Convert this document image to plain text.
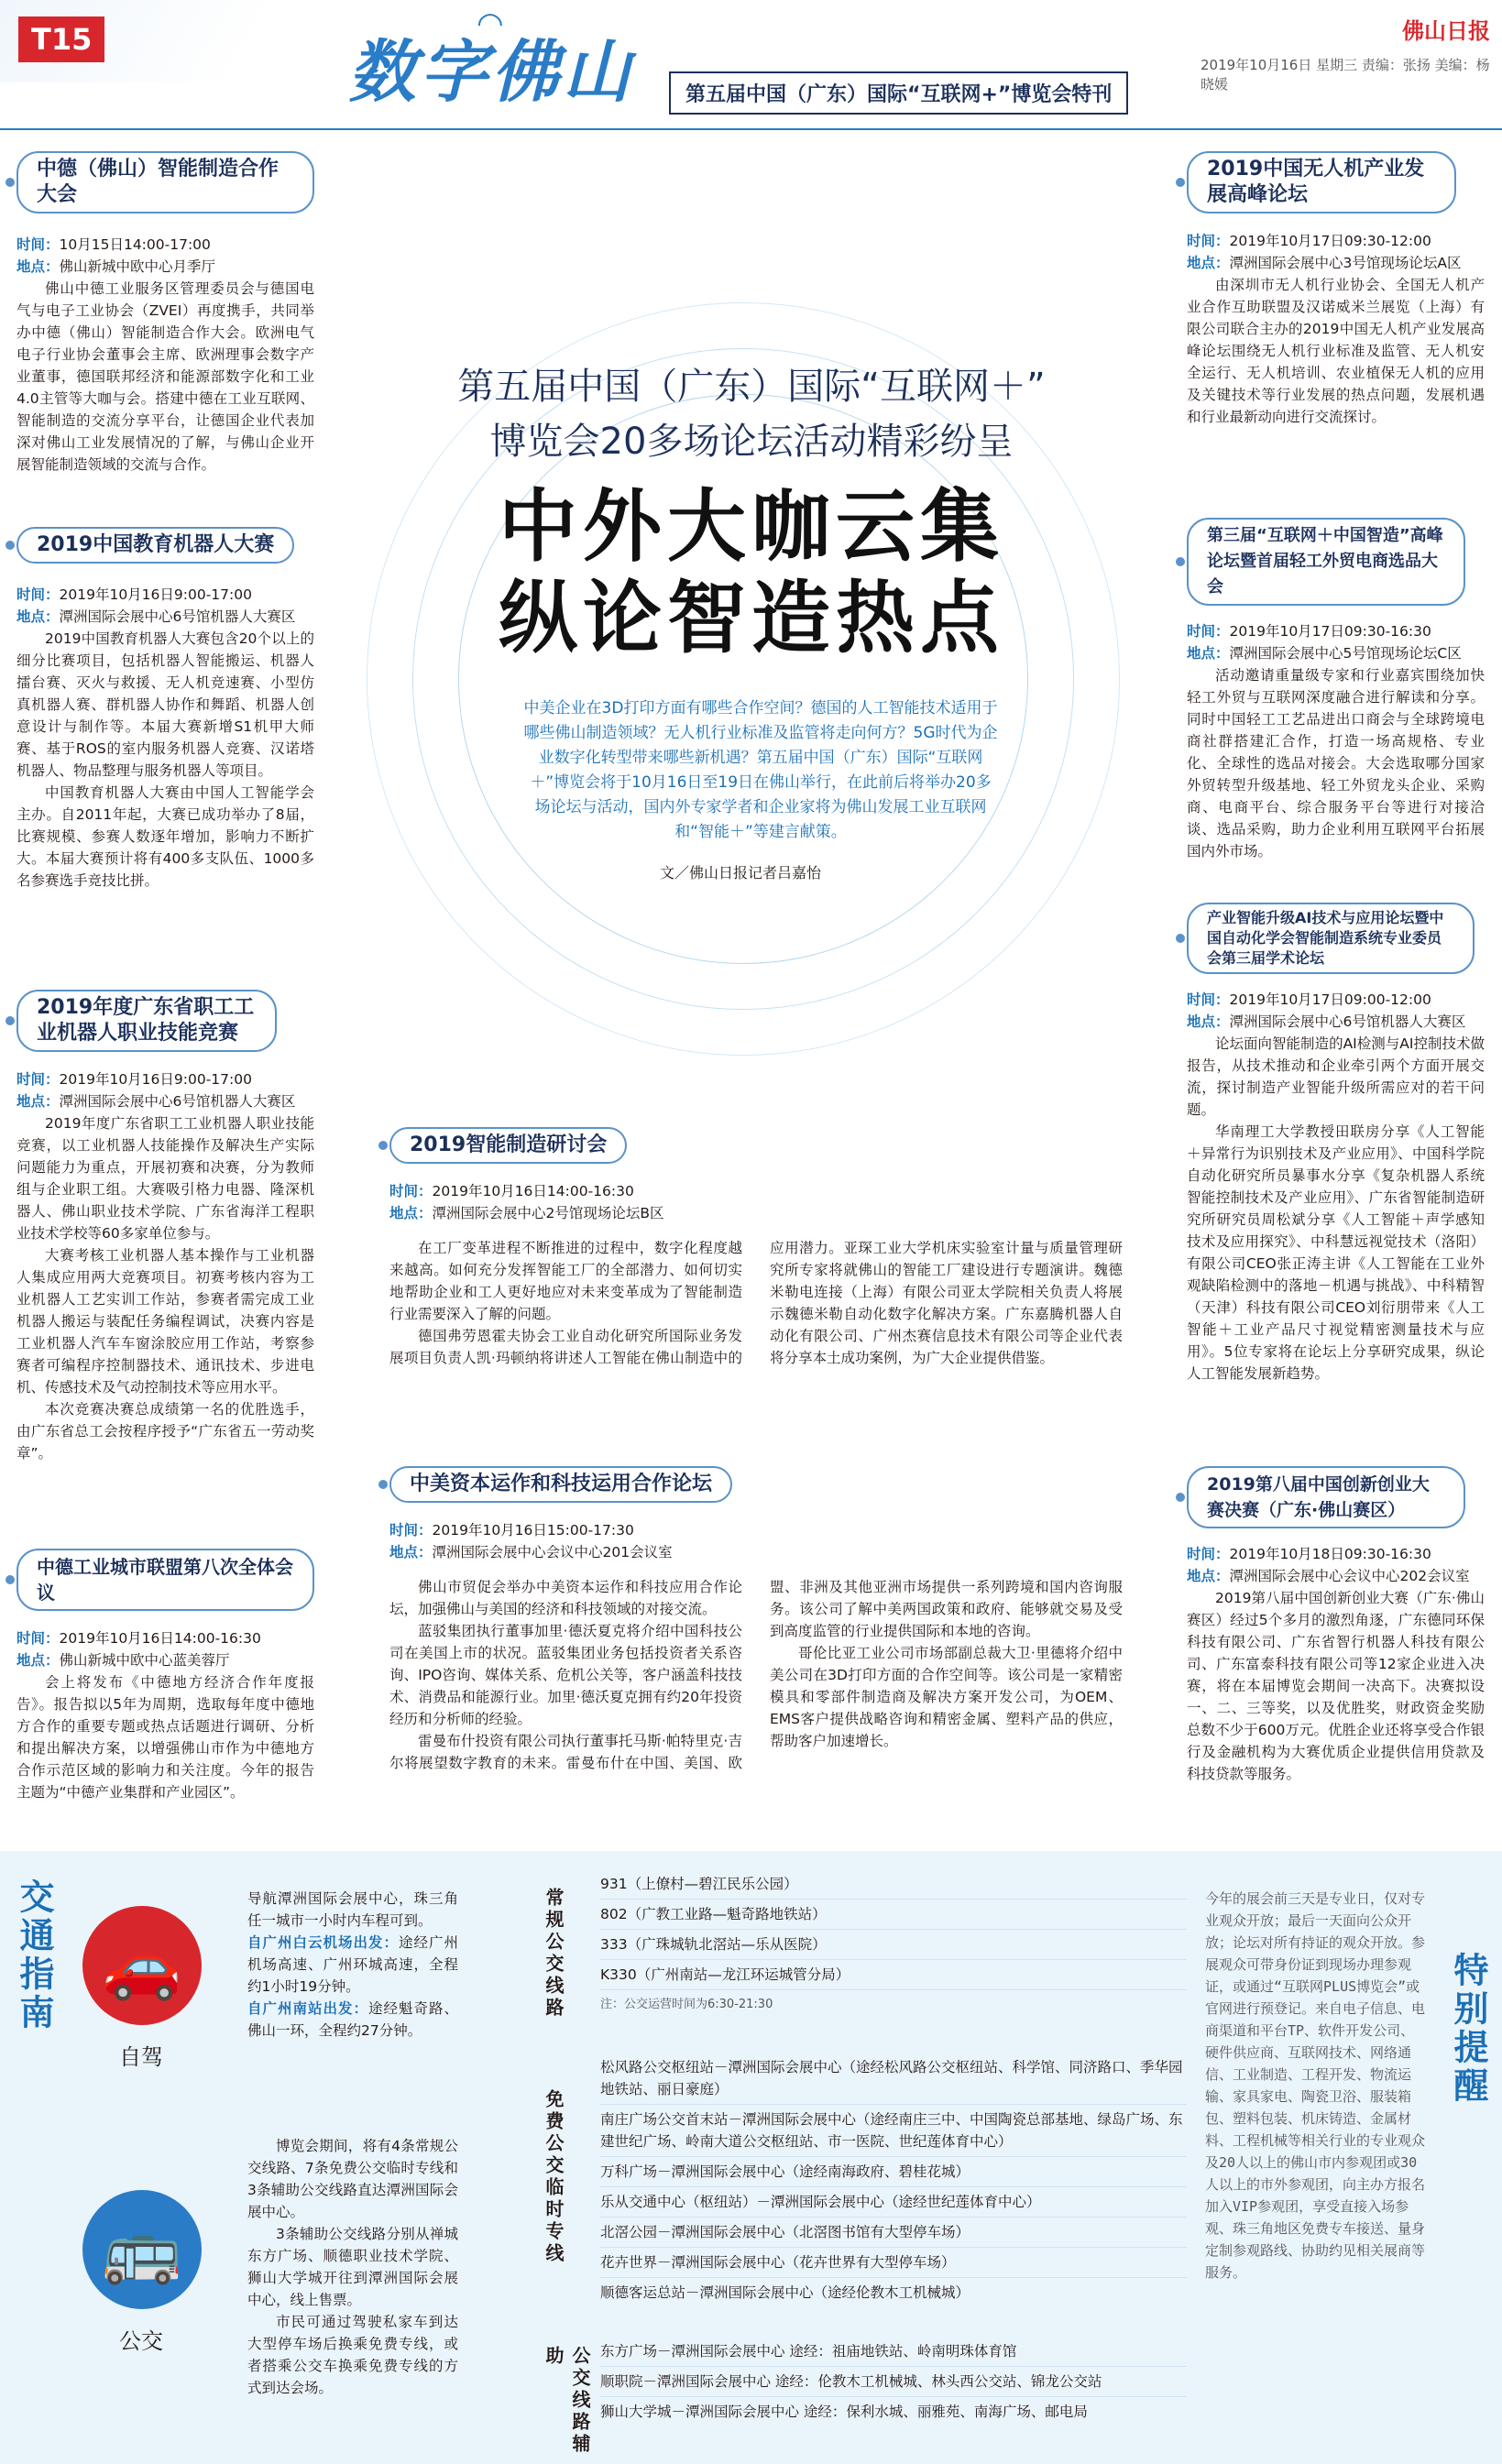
T15	数字佛山
◠
第五届中国（广东）国际“互联网+”博览会特刊
佛山日报
2019年10月16日 星期三 责编：张扬 美编：杨晓媛
第五届中国（广东）国际“互联网＋”
博览会20多场论坛活动精彩纷呈
中外大咖云集
纵论智造热点
中美企业在3D打印方面有哪些合作空间？德国的人工智能技术适用于哪些佛山制造领域？无人机行业标准及监管将走向何方？5G时代为企业数字化转型带来哪些新机遇？第五届中国（广东）国际“互联网＋”博览会将于10月16日至19日在佛山举行，在此前后将举办20多场论坛与活动，国内外专家学者和企业家将为佛山发展工业互联网和“智能＋”等建言献策。
文／佛山日报记者吕嘉怡
中德（佛山）智能制造合作大会
时间：10月15日14:00-17:00
地点：佛山新城中欧中心月季厅

佛山中德工业服务区管理委员会与德国电气与电子工业协会（ZVEI）再度携手，共同举办中德（佛山）智能制造合作大会。欧洲电气电子行业协会董事会主席、欧洲理事会数字产业董事，德国联邦经济和能源部数字化和工业4.0主管等大咖与会。搭建中德在工业互联网、智能制造的交流分享平台，让德国企业代表加深对佛山工业发展情况的了解，与佛山企业开展智能制造领域的交流与合作。

2019中国教育机器人大赛
时间：2019年10月16日9:00-17:00
地点：潭洲国际会展中心6号馆机器人大赛区

2019中国教育机器人大赛包含20个以上的细分比赛项目，包括机器人智能搬运、机器人擂台赛、灭火与救援、无人机竞速赛、小型仿真机器人赛、群机器人协作和舞蹈、机器人创意设计与制作等。本届大赛新增S1机甲大师赛、基于ROS的室内服务机器人竞赛、汉诺塔机器人、物品整理与服务机器人等项目。

中国教育机器人大赛由中国人工智能学会主办。自2011年起，大赛已成功举办了8届，比赛规模、参赛人数逐年增加，影响力不断扩大。本届大赛预计将有400多支队伍、1000多名参赛选手竞技比拼。

2019年度广东省职工工业机器人职业技能竞赛
时间：2019年10月16日9:00-17:00
地点：潭洲国际会展中心6号馆机器人大赛区

2019年度广东省职工工业机器人职业技能竞赛，以工业机器人技能操作及解决生产实际问题能力为重点，开展初赛和决赛，分为教师组与企业职工组。大赛吸引格力电器、隆深机器人、佛山职业技术学院、广东省海洋工程职业技术学校等60多家单位参与。

大赛考核工业机器人基本操作与工业机器人集成应用两大竞赛项目。初赛考核内容为工业机器人工艺实训工作站，参赛者需完成工业机器人搬运与装配任务编程调试，决赛内容是工业机器人汽车车窗涂胶应用工作站，考察参赛者可编程序控制器技术、通讯技术、步进电机、传感技术及气动控制技术等应用水平。

本次竞赛决赛总成绩第一名的优胜选手，由广东省总工会按程序授予“广东省五一劳动奖章”。

中德工业城市联盟第八次全体会议
时间：2019年10月16日14:00-16:30
地点：佛山新城中欧中心蓝美蓉厅

会上将发布《中德地方经济合作年度报告》。报告拟以5年为周期，选取每年度中德地方合作的重要专题或热点话题进行调研、分析和提出解决方案，以增强佛山市作为中德地方合作示范区域的影响力和关注度。今年的报告主题为“中德产业集群和产业园区”。

2019智能制造研讨会
时间：2019年10月16日14:00-16:30
地点：潭洲国际会展中心2号馆现场论坛B区

在工厂变革进程不断推进的过程中，数字化程度越来越高。如何充分发挥智能工厂的全部潜力、如何切实地帮助企业和工人更好地应对未来变革成为了智能制造行业需要深入了解的问题。

德国弗劳恩霍夫协会工业自动化研究所国际业务发展项目负责人凯·玛顿纳将讲述人工智能在佛山制造中的应用潜力。亚琛工业大学机床实验室计量与质量管理研究所专家将就佛山的智能工厂建设进行专题演讲。魏德米勒电连接（上海）有限公司亚太学院相关负责人将展示魏德米勒自动化数字化解决方案。广东嘉腾机器人自动化有限公司、广州杰赛信息技术有限公司等企业代表将分享本土成功案例，为广大企业提供借鉴。

中美资本运作和科技运用合作论坛
时间：2019年10月16日15:00-17:30
地点：潭洲国际会展中心会议中心201会议室

佛山市贸促会举办中美资本运作和科技应用合作论坛，加强佛山与美国的经济和科技领域的对接交流。

蓝驳集团执行董事加里·德沃夏克将介绍中国科技公司在美国上市的状况。蓝驳集团业务包括投资者关系咨询、IPO咨询、媒体关系、危机公关等，客户涵盖科技技术、消费品和能源行业。加里·德沃夏克拥有约20年投资经历和分析师的经验。

雷曼布什投资有限公司执行董事托马斯·帕特里克·吉尔将展望数字教育的未来。雷曼布什在中国、美国、欧盟、非洲及其他亚洲市场提供一系列跨境和国内咨询服务。该公司了解中美两国政策和政府、能够就交易及受到高度监管的行业提供国际和本地的咨询。

哥伦比亚工业公司市场部副总裁大卫·里德将介绍中美公司在3D打印方面的合作空间等。该公司是一家精密模具和零部件制造商及解决方案开发公司，为OEM、EMS客户提供战略咨询和精密金属、塑料产品的供应，帮助客户加速增长。

2019中国无人机产业发展高峰论坛
时间：2019年10月17日09:30-12:00
地点：潭洲国际会展中心3号馆现场论坛A区

由深圳市无人机行业协会、全国无人机产业合作互助联盟及汉诺威米兰展览（上海）有限公司联合主办的2019中国无人机产业发展高峰论坛围绕无人机行业标准及监管、无人机安全运行、无人机培训、农业植保无人机的应用及关键技术等行业发展的热点问题，发展机遇和行业最新动向进行交流探讨。

第三届“互联网＋中国智造”高峰论坛暨首届轻工外贸电商选品大会
时间：2019年10月17日09:30-16:30
地点：潭洲国际会展中心5号馆现场论坛C区

活动邀请重量级专家和行业嘉宾围绕加快轻工外贸与互联网深度融合进行解读和分享。同时中国轻工工艺品进出口商会与全球跨境电商社群搭建汇合作，打造一场高规格、专业化、全球性的选品对接会。大会选取哪分国家外贸转型升级基地、轻工外贸龙头企业、采购商、电商平台、综合服务平台等进行对接洽谈、选品采购，助力企业利用互联网平台拓展国内外市场。

产业智能升级AI技术与应用论坛暨中国自动化学会智能制造系统专业委员会第三届学术论坛
时间：2019年10月17日09:00-12:00
地点：潭洲国际会展中心6号馆机器人大赛区

论坛面向智能制造的AI检测与AI控制技术做报告，从技术推动和企业牵引两个方面开展交流，探讨制造产业智能升级所需应对的若干问题。

华南理工大学教授田联房分享《人工智能＋异常行为识别技术及产业应用》、中国科学院自动化研究所员暴事水分享《复杂机器人系统智能控制技术及产业应用》、广东省智能制造研究所研究员周松斌分享《人工智能＋声学感知技术及应用探究》、中科慧远视觉技术（洛阳）有限公司CEO张正涛主讲《人工智能在工业外观缺陷检测中的落地－机遇与挑战》、中科精智（天津）科技有限公司CEO刘衍朋带来《人工智能＋工业产品尺寸视觉精密测量技术与应用》。5位专家将在论坛上分享研究成果，纵论人工智能发展新趋势。

2019第八届中国创新创业大赛决赛（广东·佛山赛区）
时间：2019年10月18日09:30-16:30
地点：潭洲国际会展中心会议中心202会议室

2019第八届中国创新创业大赛（广东·佛山赛区）经过5个多月的激烈角逐，广东德同环保科技有限公司、广东省智行机器人科技有限公司、广东富泰科技有限公司等12家企业进入决赛，将在本届博览会期间一决高下。决赛拟设一、二、三等奖，以及优胜奖，财政资金奖励总数不少于600万元。优胜企业还将享受合作银行及金融机构为大赛优质企业提供信用贷款及科技贷款等服务。

交通指南 🚗
自驾
导航潭洲国际会展中心，珠三角任一城市一小时内车程可到。
自广州白云机场出发：途经广州机场高速、广州环城高速，全程约1小时19分钟。
自广州南站出发：途经魁奇路、佛山一环，全程约27分钟。
🚌
公交

博览会期间，将有4条常规公交线路、7条免费公交临时专线和3条辅助公交线路直达潭洲国际会展中心。

3条辅助公交线路分别从禅城东方广场、顺德职业技术学院、狮山大学城开往到潭洲国际会展中心，线上售票。

市民可通过驾驶私家车到达大型停车场后换乘免费专线，或者搭乘公交车换乘免费专线的方式到达会场。

常规公交线路
931（上僚村—碧江民乐公园）
802（广教工业路—魁奇路地铁站）
333（广珠城轨北滘站—乐从医院）
K330（广州南站—龙江环运城管分局）
注：公交运营时间为6:30-21:30
免费公交临时专线
松风路公交枢纽站－潭洲国际会展中心（途经松风路公交枢纽站、科学馆、同济路口、季华园地铁站、丽日豪庭）
南庄广场公交首末站－潭洲国际会展中心（途经南庄三中、中国陶瓷总部基地、绿岛广场、东建世纪广场、岭南大道公交枢纽站、市一医院、世纪莲体育中心）
万科广场－潭洲国际会展中心（途经南海政府、碧桂花城）
乐从交通中心（枢纽站）－潭洲国际会展中心（途经世纪莲体育中心）
北滘公园－潭洲国际会展中心（北滘图书馆有大型停车场）
花卉世界－潭洲国际会展中心（花卉世界有大型停车场）
顺德客运总站－潭洲国际会展中心（途经伦教木工机械城）
公交线路辅助	东方广场－潭洲国际会展中心 途经：祖庙地铁站、岭南明珠体育馆
顺职院－潭洲国际会展中心 途经：伦教木工机械城、林头西公交站、锦龙公交站
狮山大学城－潭洲国际会展中心 途经：保利水城、丽雅苑、南海广场、邮电局
今年的展会前三天是专业日，仅对专业观众开放；最后一天面向公众开放；论坛对所有持证的观众开放。参展观众可带身份证到现场办理参观证，或通过“互联网PLUS博览会”或官网进行预登记。来自电子信息、电商渠道和平台TP、软件开发公司、硬件供应商、互联网技术、网络通信、工业制造、工程开发、物流运输、家具家电、陶瓷卫浴、服装箱包、塑料包装、机床铸造、金属材料、工程机械等相关行业的专业观众及20人以上的佛山市内参观团或30人以上的市外参观团，向主办方报名加入VIP参观团，享受直接入场参观、珠三角地区免费专车接送、量身定制参观路线、协助约见相关展商等服务。
特别提醒
